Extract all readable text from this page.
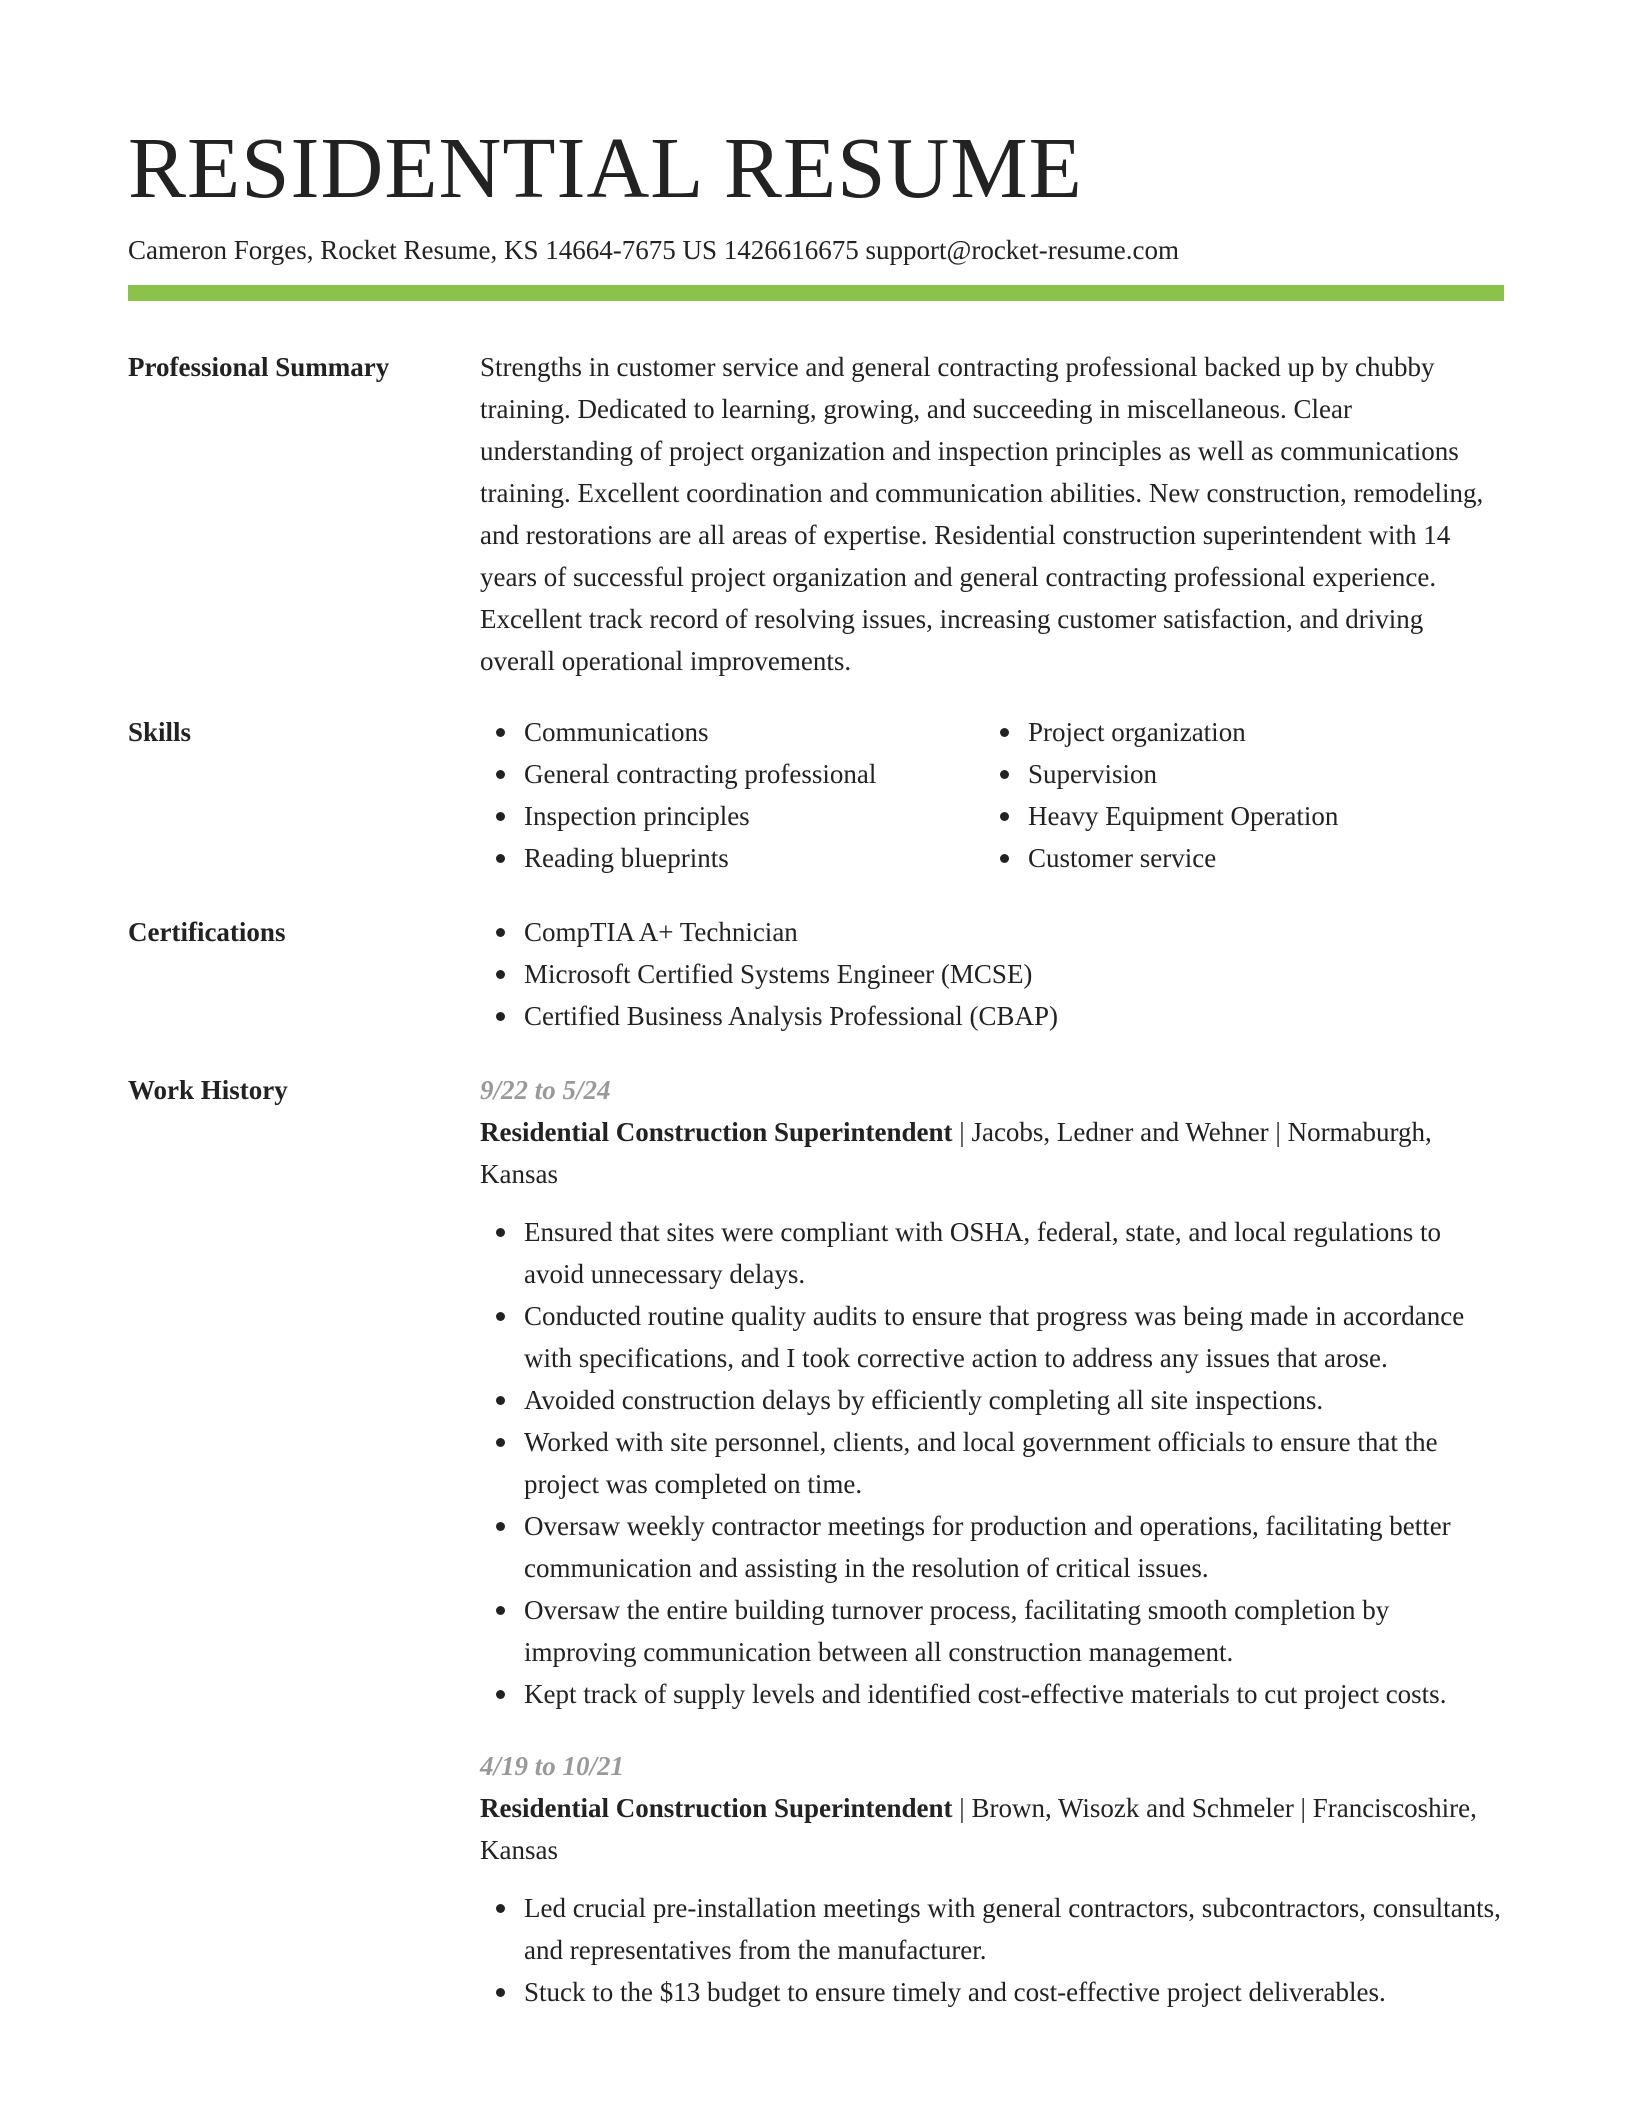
RESIDENTIAL RESUME
Cameron Forges, Rocket Resume, KS 14664-7675 US 1426616675 support@rocket-resume.com
Professional Summary	Strengths in customer service and general contracting professional backed up by chubby training. Dedicated to learning, growing, and succeeding in miscellaneous. Clear understanding of project organization and inspection principles as well as communications training. Excellent coordination and communication abilities. New construction, remodeling, and restorations are all areas of expertise. Residential construction superintendent with 14 years of successful project organization and general contracting professional experience. Excellent track record of resolving issues, increasing customer satisfaction, and driving overall operational improvements.

Skills	Communications
General contracting professional
Inspection principles
Reading blueprints
Project organization
Supervision
Heavy Equipment Operation
Customer service
Certifications	CompTIA A+ Technician
Microsoft Certified Systems Engineer (MCSE)
Certified Business Analysis Professional (CBAP)
Work History	9/22 to 5/24

Residential Construction Superintendent | Jacobs, Ledner and Wehner | Normaburgh, Kansas

Ensured that sites were compliant with OSHA, federal, state, and local regulations to avoid unnecessary delays.
Conducted routine quality audits to ensure that progress was being made in accordance with specifications, and I took corrective action to address any issues that arose.
Avoided construction delays by efficiently completing all site inspections.
Worked with site personnel, clients, and local government officials to ensure that the project was completed on time.
Oversaw weekly contractor meetings for production and operations, facilitating better communication and assisting in the resolution of critical issues.
Oversaw the entire building turnover process, facilitating smooth completion by improving communication between all construction management.
Kept track of supply levels and identified cost-effective materials to cut project costs.

4/19 to 10/21

Residential Construction Superintendent | Brown, Wisozk and Schmeler | Franciscoshire, Kansas

Led crucial pre-installation meetings with general contractors, subcontractors, consultants, and representatives from the manufacturer.
Stuck to the $13 budget to ensure timely and cost-effective project deliverables.
